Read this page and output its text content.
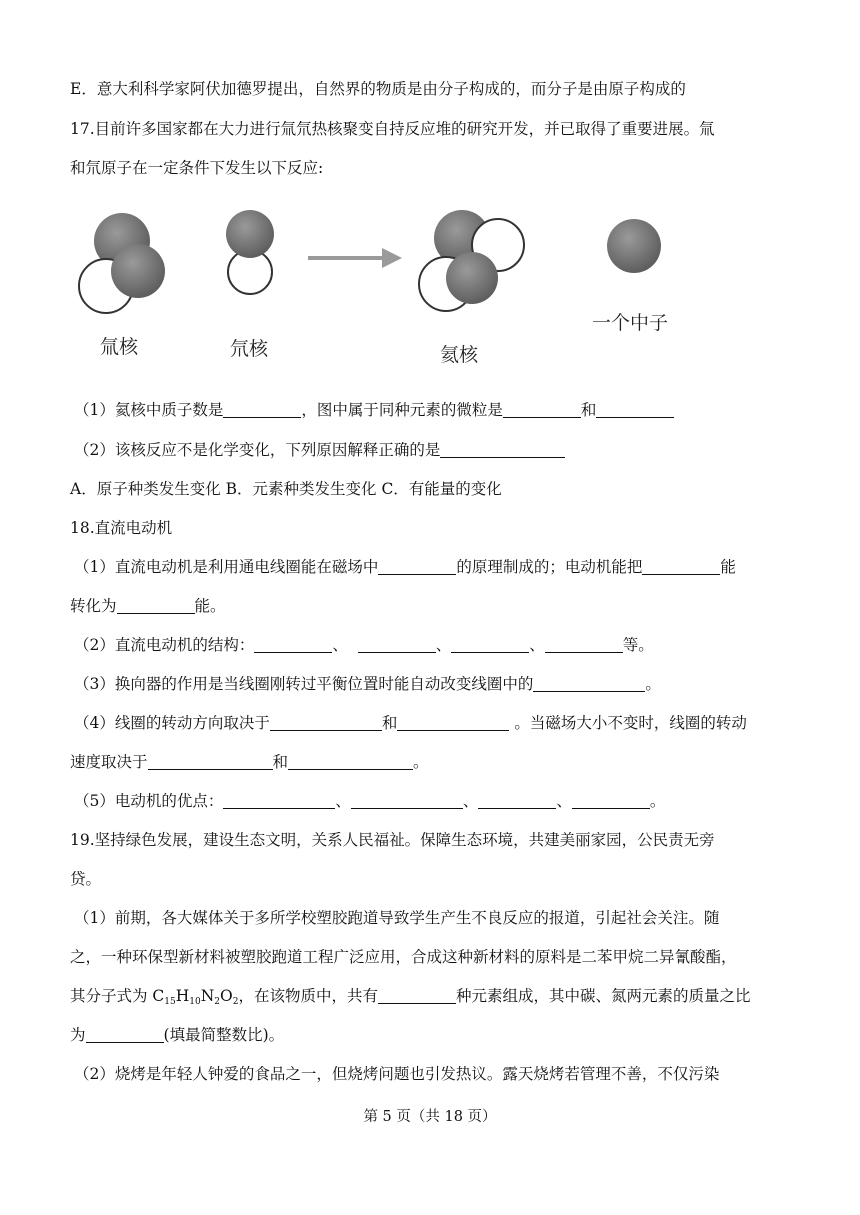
E．意大利科学家阿伏加德罗提出，自然界的物质是由分子构成的，而分子是由原子构成的
17.目前许多国家都在大力进行氚氘热核聚变自持反应堆的研究开发，并已取得了重要进展。氚
和氘原子在一定条件下发生以下反应:
氚核	氘核	氦核
一个中子
（1）氦核中质子数是	，图中属于同种元素的微粒是	和
（2）该核反应不是化学变化，下列原因解释正确的是
A．原子种类发生变化 B．元素种类发生变化 C．有能量的变化
18.直流电动机
（1）直流电动机是利用通电线圈能在磁场中	的原理制成的；电动机能把	能
转化为	能。
（2）直流电动机的结构：	、	、	、	等。
（3）换向器的作用是当线圈刚转过平衡位置时能自动改变线圈中的	。
（4）线圈的转动方向取决于	和	。当磁场大小不变时，线圈的转动
速度取决于	和	。
（5）电动机的优点：	、	、	、	。
19.坚持绿色发展，建设生态文明，关系人民福祉。保障生态环境，共建美丽家园，公民责无旁
贷。
（1）前期，各大媒体关于多所学校塑胶跑道导致学生产生不良反应的报道，引起社会关注。随
之，一种环保型新材料被塑胶跑道工程广泛应用，合成这种新材料的原料是二苯甲烷二异氰酸酯，
其分子式为 $C_{15}H_{10}N_2O_2$，在该物质中，共有	种元素组成，其中碳、氮两元素的质量之比
为	(填最简整数比)。
（2）烧烤是年轻人钟爱的食品之一，但烧烤问题也引发热议。露天烧烤若管理不善，不仅污染
第 5 页（共 18 页）
